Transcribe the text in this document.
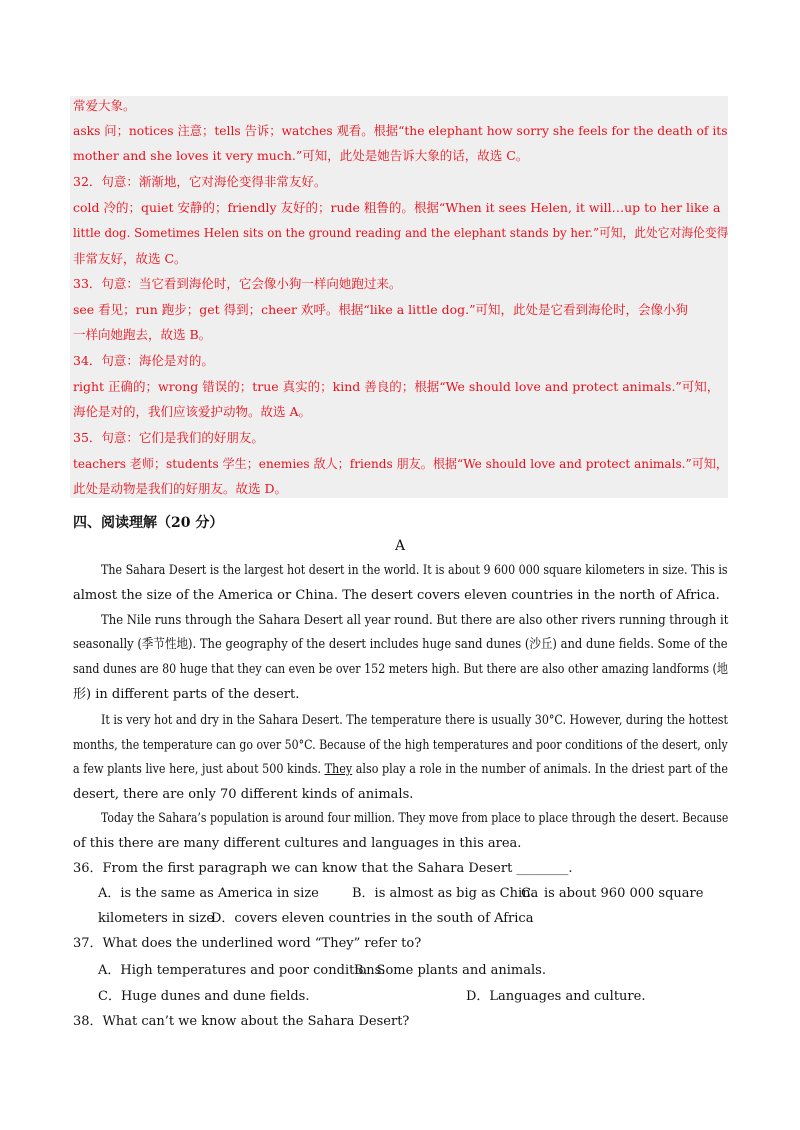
常爱大象。
asks 问；notices 注意；tells 告诉；watches 观看。根据“the elephant how sorry she feels for the death of its
mother and she loves it very much.”可知，此处是她告诉大象的话，故选 C。
32．句意：渐渐地，它对海伦变得非常友好。
cold 冷的；quiet 安静的；friendly 友好的；rude 粗鲁的。根据“When it sees Helen, it will…up to her like a
little dog. Sometimes Helen sits on the ground reading and the elephant stands by her.”可知，此处它对海伦变得
非常友好，故选 C。
33．句意：当它看到海伦时，它会像小狗一样向她跑过来。
see 看见；run 跑步；get 得到；cheer 欢呼。根据“like a little dog.”可知，此处是它看到海伦时，会像小狗
一样向她跑去，故选 B。
34．句意：海伦是对的。
right 正确的；wrong 错误的；true 真实的；kind 善良的；根据“We should love and protect animals.”可知，
海伦是对的，我们应该爱护动物。故选 A。
35．句意：它们是我们的好朋友。
teachers 老师；students 学生；enemies 敌人；friends 朋友。根据“We should love and protect animals.”可知，
此处是动物是我们的好朋友。故选 D。
四、阅读理解（20 分）
A
The Sahara Desert is the largest hot desert in the world. It is about 9 600 000 square kilometers in size. This is
almost the size of the America or China. The desert covers eleven countries in the north of Africa.
The Nile runs through the Sahara Desert all year round. But there are also other rivers running through it
seasonally (季节性地). The geography of the desert includes huge sand dunes (沙丘) and dune fields. Some of the
sand dunes are 80 huge that they can even be over 152 meters high. But there are also other amazing landforms (地
形) in different parts of the desert.
It is very hot and dry in the Sahara Desert. The temperature there is usually 30°C. However, during the hottest
months, the temperature can go over 50°C. Because of the high temperatures and poor conditions of the desert, only
a few plants live here, just about 500 kinds. They also play a role in the number of animals. In the driest part of the
desert, there are only 70 different kinds of animals.
Today the Sahara’s population is around four million. They move from place to place through the desert. Because
of this there are many different cultures and languages in this area.
36．From the first paragraph we can know that the Sahara Desert ________.
A．is the same as America in size	B．is almost as big as China
C．is about 960 000 square
kilometers in size
D．covers eleven countries in the south of Africa
37．What does the underlined word “They” refer to?
A．High temperatures and poor conditions.
B．Some plants and animals.
C．Huge dunes and dune fields.	D．Languages and culture.
38．What can’t we know about the Sahara Desert?
